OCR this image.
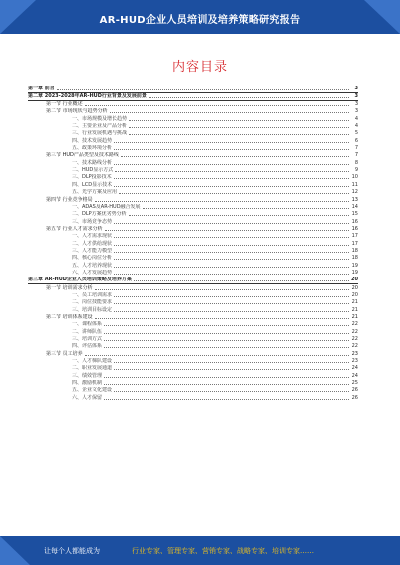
AR-HUD企业人员培训及培养策略研究报告
内容目录
第一章 前言	3
第二章 2023-2028年AR-HUD行业背景及发展前景	3
第一节 行业概述	3
第二节 市场现状与趋势分析	3
一、市场规模及增长趋势	4
二、主要企业及产品分析	4
三、行业发展机遇与挑战	5
四、技术发展趋势	6
五、政策环境分析	7
第三节 HUD产品类型及技术路线	7
一、技术路线分析	8
二、HUD显示方式	9
三、DLP投影技术	10
四、LCD显示技术	11
五、光学方案及应用	12
第四节 行业竞争格局	13
一、ADAS及AR-HUD融合发展	14
二、DLP方案优劣势分析	15
三、市场竞争态势	16
第五节 行业人才需求分析	16
一、人才需求现状	17
二、人才供给现状	17
三、人才能力模型	18
四、核心岗位分析	18
五、人才培养现状	19
六、人才发展趋势	19
第三章 AR-HUD企业人员培训策略及培养方案	20
第一节 培训需求分析	20
一、员工培训需求	20
二、岗位技能要求	21
三、培训目标设定	21
第二节 培训体系建设	21
一、课程体系	22
二、讲师队伍	22
三、培训方式	22
四、评估体系	22
第三节 员工培养	23
一、人才梯队建设	23
二、职业发展通道	24
三、绩效管理	24
四、激励机制	25
五、企业文化建设	26
六、人才保留	26
让每个人都能成为	行业专家、管理专家、营销专家、战略专家、培训专家……
